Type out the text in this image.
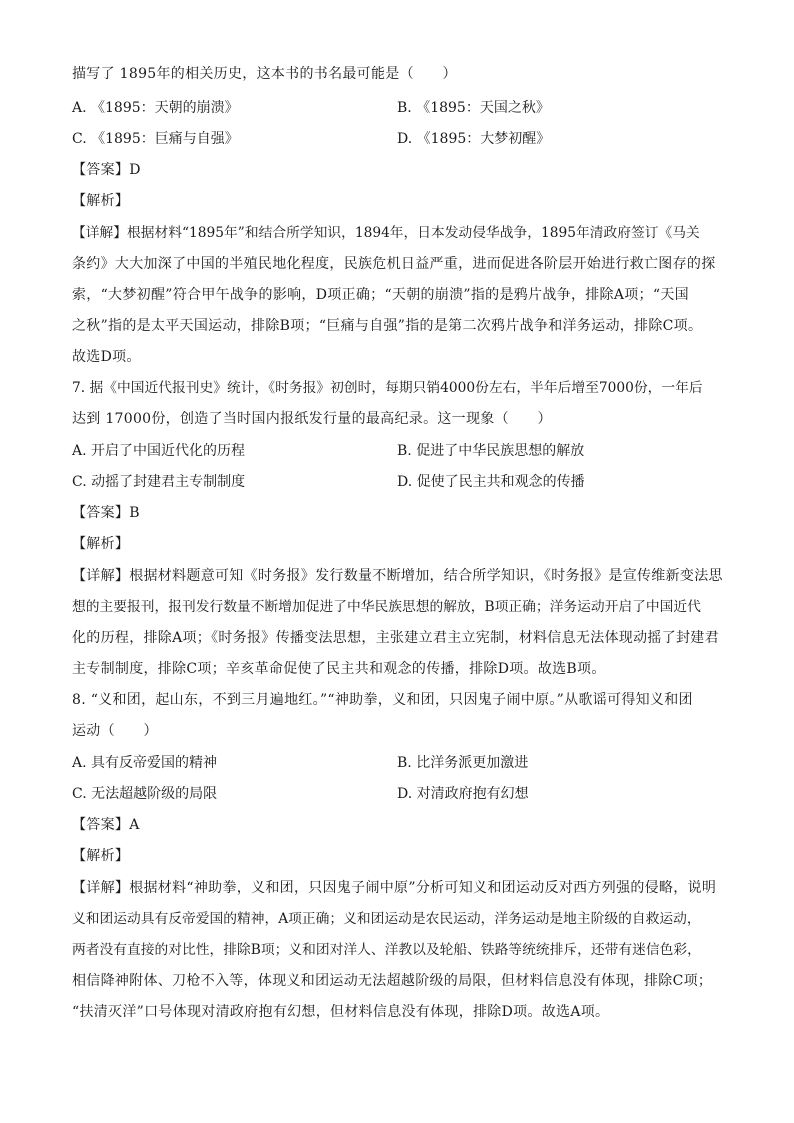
描写了 1895年的相关历史，这本书的书名最可能是（　　）
A. 《1895：天朝的崩溃》	B. 《1895：天国之秋》
C. 《1895：巨痛与自强》	D. 《1895：大梦初醒》
【答案】D
【解析】
【详解】根据材料“1895年”和结合所学知识，1894年，日本发动侵华战争，1895年清政府签订《马关
条约》大大加深了中国的半殖民地化程度，民族危机日益严重，进而促进各阶层开始进行救亡图存的探
索，“大梦初醒”符合甲午战争的影响，D项正确；“天朝的崩溃”指的是鸦片战争，排除A项；“天国
之秋”指的是太平天国运动，排除B项；“巨痛与自强”指的是第二次鸦片战争和洋务运动，排除C项。
故选D项。
7. 据《中国近代报刊史》统计，《时务报》初创时，每期只销4000份左右，半年后增至7000份，一年后
达到 17000份，创造了当时国内报纸发行量的最高纪录。这一现象（　　）
A. 开启了中国近代化的历程	B. 促进了中华民族思想的解放
C. 动摇了封建君主专制制度	D. 促使了民主共和观念的传播
【答案】B
【解析】
【详解】根据材料题意可知《时务报》发行数量不断增加，结合所学知识，《时务报》是宣传维新变法思
想的主要报刊，报刊发行数量不断增加促进了中华民族思想的解放，B项正确；洋务运动开启了中国近代
化的历程，排除A项；《时务报》传播变法思想，主张建立君主立宪制，材料信息无法体现动摇了封建君
主专制制度，排除C项；辛亥革命促使了民主共和观念的传播，排除D项。故选B项。
8. “义和团，起山东，不到三月遍地红。”“神助拳，义和团，只因鬼子闹中原。”从歌谣可得知义和团
运动（　　）
A. 具有反帝爱国的精神	B. 比洋务派更加激进
C. 无法超越阶级的局限	D. 对清政府抱有幻想
【答案】A
【解析】
【详解】根据材料“神助拳，义和团，只因鬼子闹中原”分析可知义和团运动反对西方列强的侵略，说明
义和团运动具有反帝爱国的精神，A项正确；义和团运动是农民运动，洋务运动是地主阶级的自救运动，
两者没有直接的对比性，排除B项；义和团对洋人、洋教以及轮船、铁路等统统排斥，还带有迷信色彩，
相信降神附体、刀枪不入等，体现义和团运动无法超越阶级的局限，但材料信息没有体现，排除C项；
“扶清灭洋”口号体现对清政府抱有幻想，但材料信息没有体现，排除D项。故选A项。
